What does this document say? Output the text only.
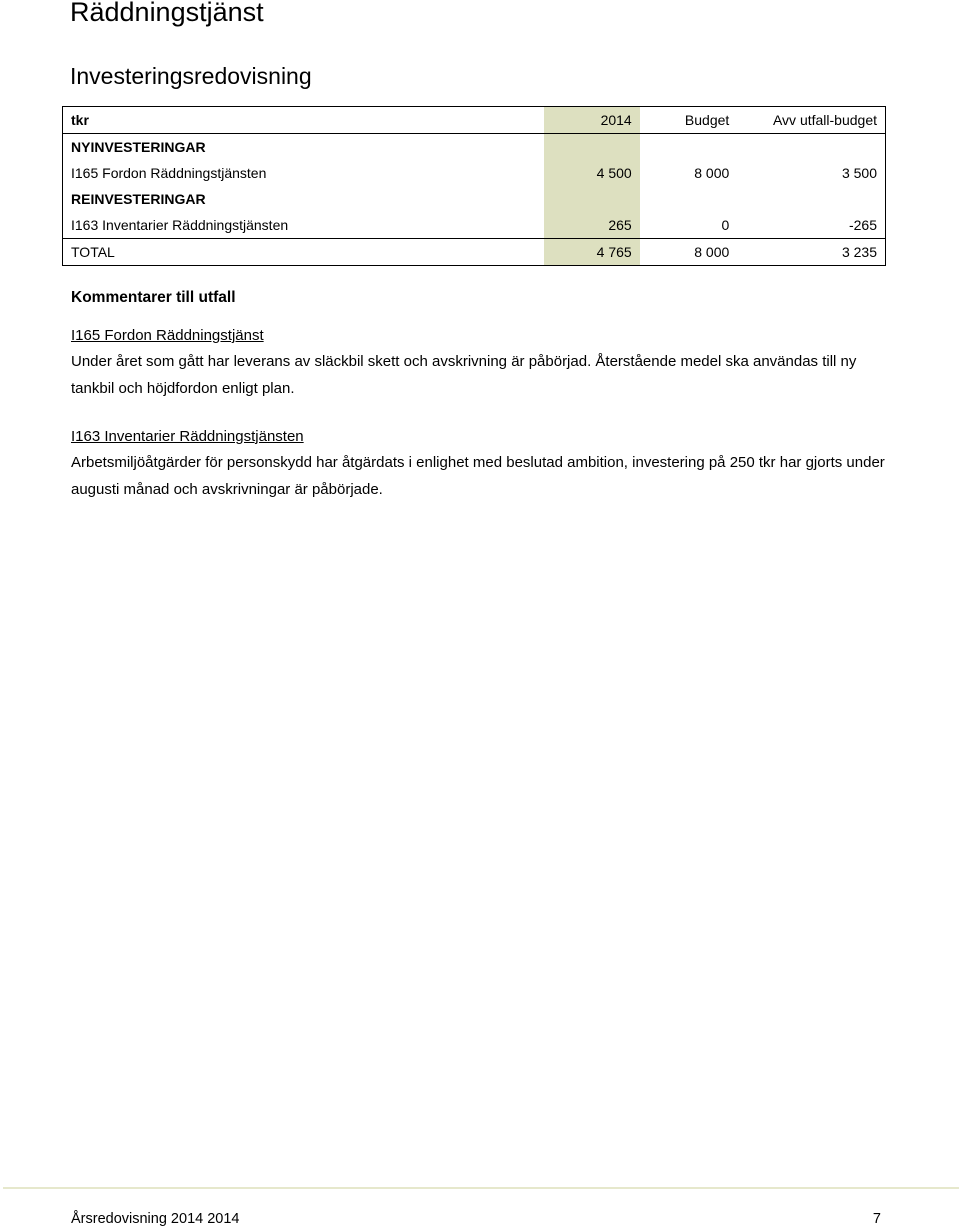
Räddningstjänst
Investeringsredovisning
tkr	2014	Budget	Avv utfall-budget
NYINVESTERINGAR			
I165 Fordon Räddningstjänsten	4 500	8 000	3 500
REINVESTERINGAR			
I163 Inventarier Räddningstjänsten	265	0	-265
TOTAL	4 765	8 000	3 235
Kommentarer till utfall
I165 Fordon Räddningstjänst

Under året som gått har leverans av släckbil skett och avskrivning är påbörjad. Återstående medel ska användas till ny tankbil och höjdfordon enligt plan.

I163 Inventarier Räddningstjänsten

Arbetsmiljöåtgärder för personskydd har åtgärdats i enlighet med beslutad ambition, investering på 250 tkr har gjorts under augusti månad och avskrivningar är påbörjade.

Årsredovisning 2014 2014	7
